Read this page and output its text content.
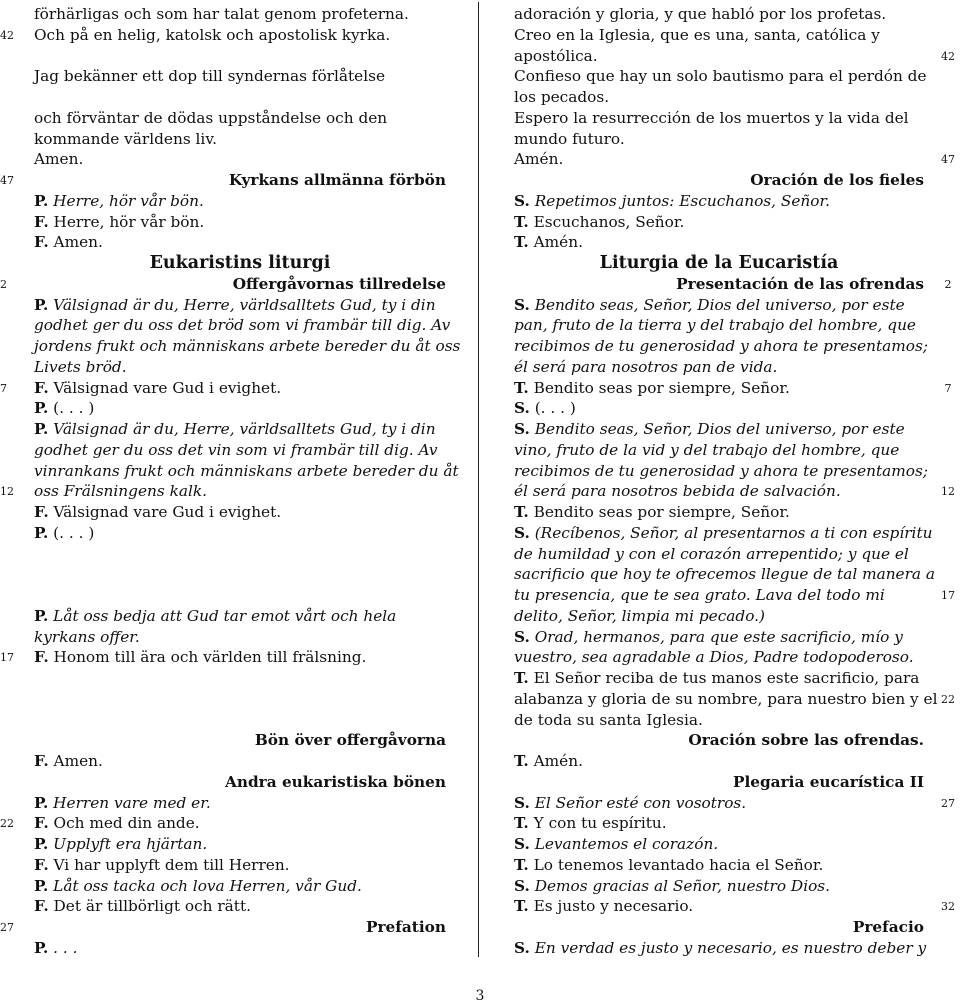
förhärligas och som har talat genom profeterna.
Och på en helig, katolsk och apostolisk kyrka.
Jag bekänner ett dop till syndernas förlåtelse
och förväntar de dödas uppståndelse och den
kommande världens liv.
Amen.
Kyrkans allmänna förbön
P. Herre, hör vår bön.
F. Herre, hör vår bön.
F. Amen.
Eukaristins liturgi
Offergåvornas tillredelse
P. Välsignad är du, Herre, världsalltets Gud, ty i din
godhet ger du oss det bröd som vi frambär till dig. Av
jordens frukt och människans arbete bereder du åt oss
Livets bröd.
F. Välsignad vare Gud i evighet.
P. (. . . )
P. Välsignad är du, Herre, världsalltets Gud, ty i din
godhet ger du oss det vin som vi frambär till dig. Av
vinrankans frukt och människans arbete bereder du åt
oss Frälsningens kalk.
F. Välsignad vare Gud i evighet.
P. (. . . )
P. Låt oss bedja att Gud tar emot vårt och hela
kyrkans offer.
F. Honom till ära och världen till frälsning.
Bön över offergåvorna
F. Amen.
Andra eukaristiska bönen
P. Herren vare med er.
F. Och med din ande.
P. Upplyft era hjärtan.
F. Vi har upplyft dem till Herren.
P. Låt oss tacka och lova Herren, vår Gud.
F. Det är tillbörligt och rätt.
Prefation
P. . . .
adoración y gloria, y que habló por los profetas.
Creo en la Iglesia, que es una, santa, católica y
apostólica.
Confieso que hay un solo bautismo para el perdón de
los pecados.
Espero la resurrección de los muertos y la vida del
mundo futuro.
Amén.
Oración de los fieles
S. Repetimos juntos: Escuchanos, Señor.
T. Escuchanos, Señor.
T. Amén.
Liturgia de la Eucaristía
Presentación de las ofrendas
S. Bendito seas, Señor, Dios del universo, por este
pan, fruto de la tierra y del trabajo del hombre, que
recibimos de tu generosidad y ahora te presentamos;
él será para nosotros pan de vida.
T. Bendito seas por siempre, Señor.
S. (. . . )
S. Bendito seas, Señor, Dios del universo, por este
vino, fruto de la vid y del trabajo del hombre, que
recibimos de tu generosidad y ahora te presentamos;
él será para nosotros bebida de salvación.
T. Bendito seas por siempre, Señor.
S. (Recíbenos, Señor, al presentarnos a ti con espíritu
de humildad y con el corazón arrepentido; y que el
sacrificio que hoy te ofrecemos llegue de tal manera a
tu presencia, que te sea grato. Lava del todo mi
delito, Señor, limpia mi pecado.)
S. Orad, hermanos, para que este sacrificio, mío y
vuestro, sea agradable a Dios, Padre todopoderoso.
T. El Señor reciba de tus manos este sacrificio, para
alabanza y gloria de su nombre, para nuestro bien y el
de toda su santa Iglesia.
Oración sobre las ofrendas.
T. Amén.
Plegaria eucarística II
S. El Señor esté con vosotros.
T. Y con tu espíritu.
S. Levantemos el corazón.
T. Lo tenemos levantado hacia el Señor.
S. Demos gracias al Señor, nuestro Dios.
T. Es justo y necesario.
Prefacio
S. En verdad es justo y necesario, es nuestro deber y
42
47
2
7
12
17
22
27
42
47
2
7
12
17
22
27
32
3
